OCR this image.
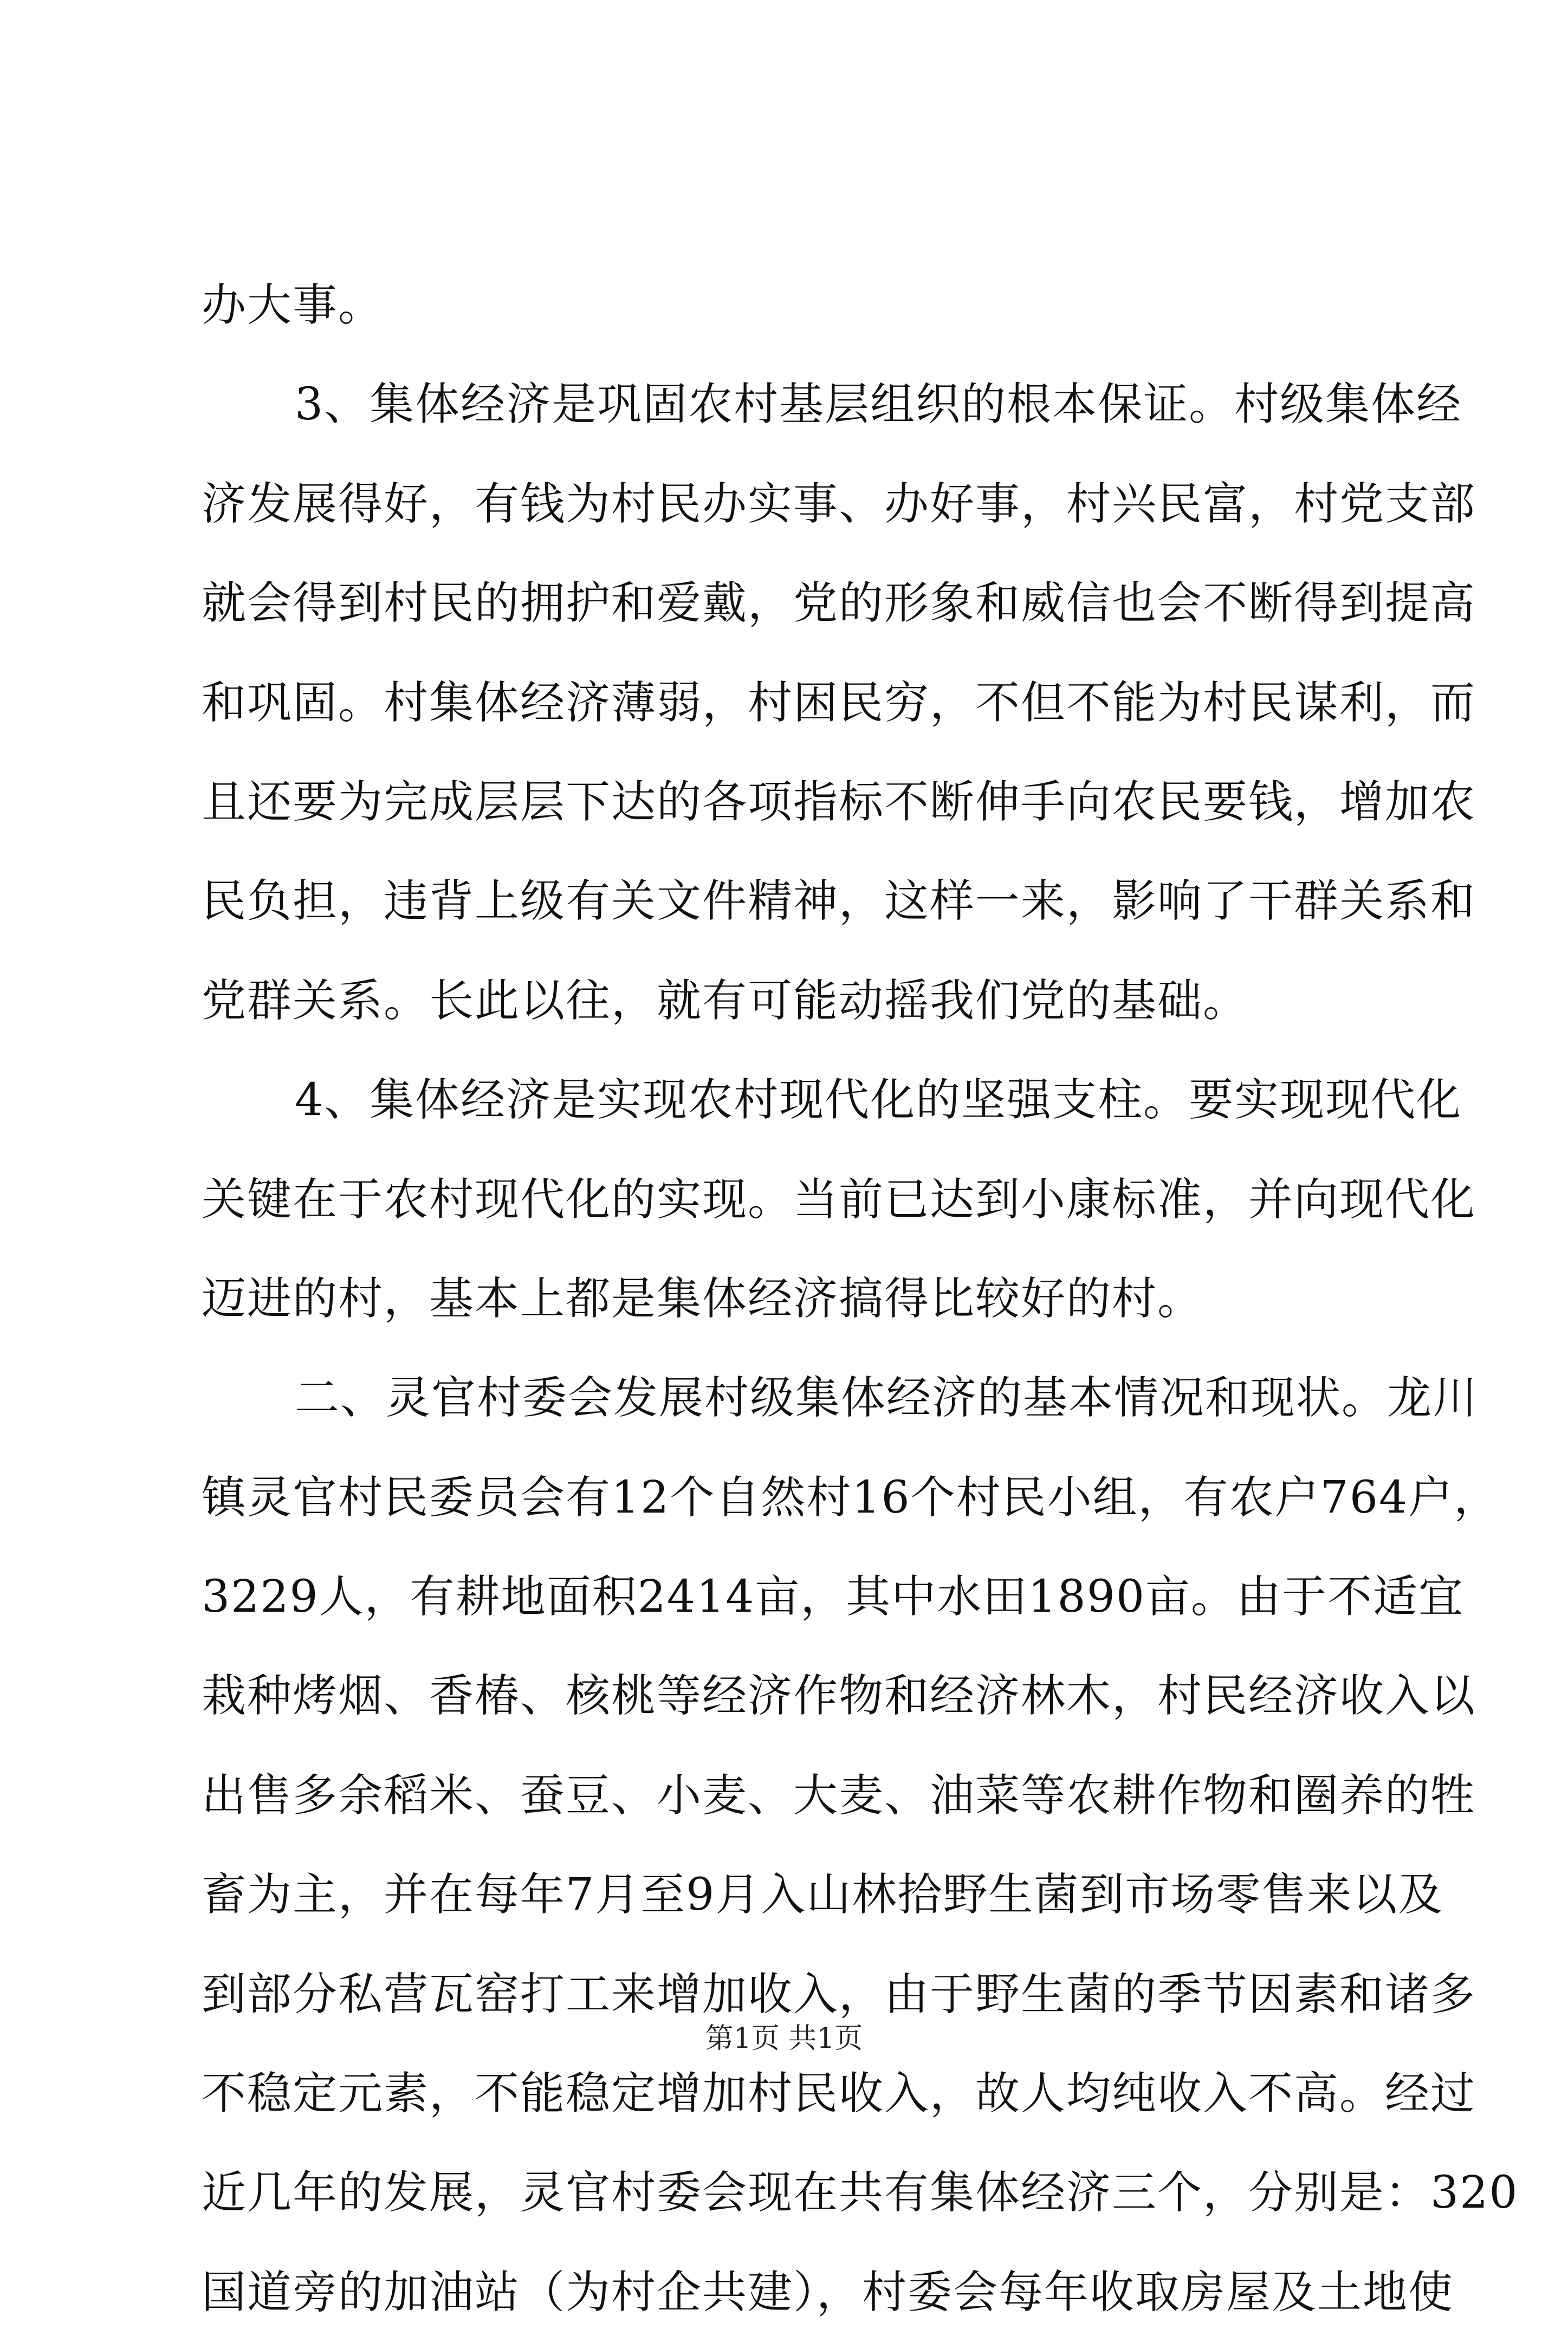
办大事。
3、集体经济是巩固农村基层组织的根本保证。村级集体经
济发展得好，有钱为村民办实事、办好事，村兴民富，村党支部
就会得到村民的拥护和爱戴，党的形象和威信也会不断得到提高
和巩固。村集体经济薄弱，村困民穷，不但不能为村民谋利，而
且还要为完成层层下达的各项指标不断伸手向农民要钱，增加农
民负担，违背上级有关文件精神，这样一来，影响了干群关系和
党群关系。长此以往，就有可能动摇我们党的基础。
4、集体经济是实现农村现代化的坚强支柱。要实现现代化
关键在于农村现代化的实现。当前已达到小康标准，并向现代化
迈进的村，基本上都是集体经济搞得比较好的村。
二、灵官村委会发展村级集体经济的基本情况和现状。龙川
镇灵官村民委员会有12个自然村16个村民小组，有农户764户，
3229人，有耕地面积2414亩，其中水田1890亩。由于不适宜
栽种烤烟、香椿、核桃等经济作物和经济林木，村民经济收入以
出售多余稻米、蚕豆、小麦、大麦、油菜等农耕作物和圈养的牲
畜为主，并在每年7月至9月入山林拾野生菌到市场零售来以及
到部分私营瓦窑打工来增加收入，由于野生菌的季节因素和诸多
不稳定元素，不能稳定增加村民收入，故人均纯收入不高。经过
近几年的发展，灵官村委会现在共有集体经济三个，分别是：320
国道旁的加油站（为村企共建），村委会每年收取房屋及土地使
第1页 共1页
